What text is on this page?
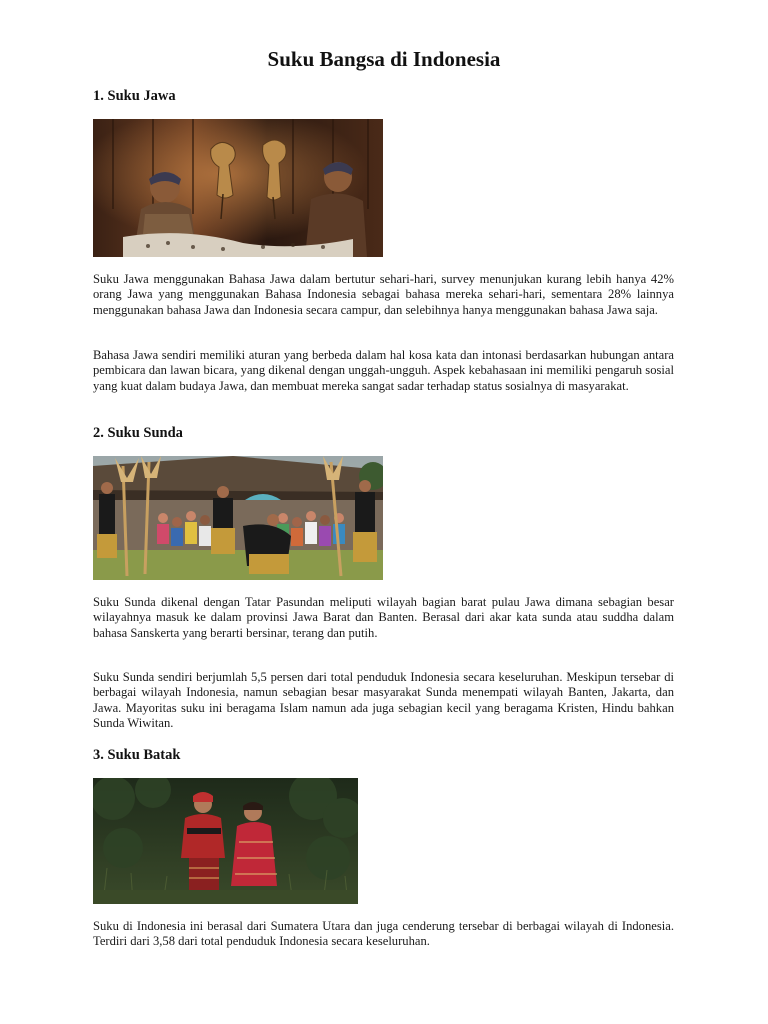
Suku Bangsa di Indonesia
1. Suku Jawa

Suku Jawa menggunakan Bahasa Jawa dalam bertutur sehari-hari, survey menunjukan kurang lebih hanya 42% orang Jawa yang menggunakan Bahasa Indonesia sebagai bahasa mereka sehari-hari, sementara 28% lainnya menggunakan bahasa Jawa dan Indonesia secara campur, dan selebihnya hanya menggunakan bahasa Jawa saja.

Bahasa Jawa sendiri memiliki aturan yang berbeda dalam hal kosa kata dan intonasi berdasarkan hubungan antara pembicara dan lawan bicara, yang dikenal dengan unggah-ungguh. Aspek kebahasaan ini memiliki pengaruh sosial yang kuat dalam budaya Jawa, dan membuat mereka sangat sadar terhadap status sosialnya di masyarakat.

2. Suku Sunda

Suku Sunda dikenal dengan Tatar Pasundan meliputi wilayah bagian barat pulau Jawa dimana sebagian besar wilayahnya masuk ke dalam provinsi Jawa Barat dan Banten. Berasal dari akar kata sunda atau suddha dalam bahasa Sanskerta yang berarti bersinar, terang dan putih.

Suku Sunda sendiri berjumlah 5,5 persen dari total penduduk Indonesia secara keseluruhan. Meskipun tersebar di berbagai wilayah Indonesia, namun sebagian besar masyarakat Sunda menempati wilayah Banten, Jakarta, dan Jawa. Mayoritas suku ini beragama Islam namun ada juga sebagian kecil yang beragama Kristen, Hindu bahkan Sunda Wiwitan.

3. Suku Batak

Suku di Indonesia ini berasal dari Sumatera Utara dan juga cenderung tersebar di berbagai wilayah di Indonesia. Terdiri dari 3,58 dari total penduduk Indonesia secara keseluruhan.
